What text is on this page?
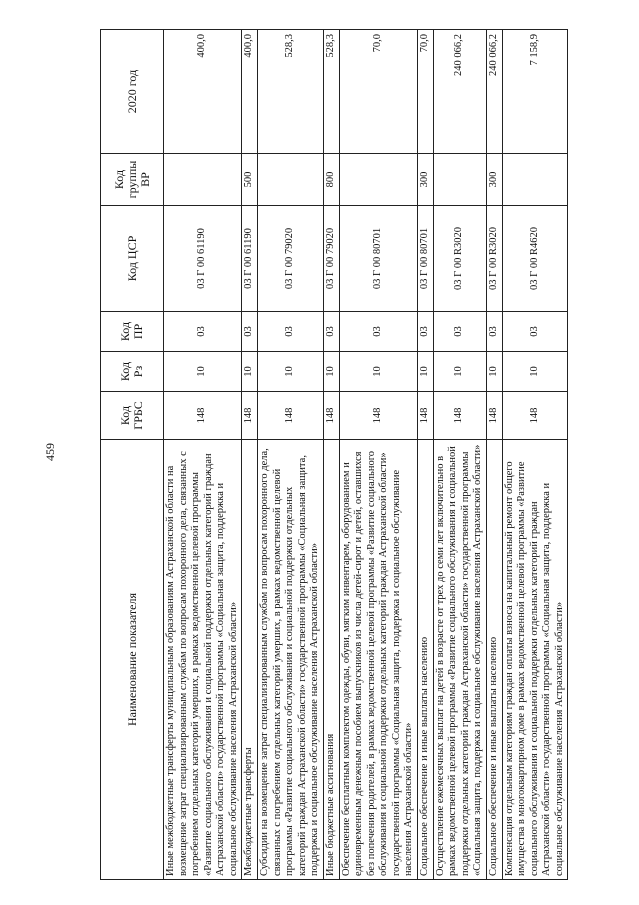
459
Наименование показателя	Код ГРБС	Код Рз	Код ПР	Код ЦСР	Код группы ВР	2020 год
Иные межбюджетные трансферты муниципальным образованиям Астраханской области на возмещение затрат специализированным службам по вопросам похоронного дела, связанных с погребением отдельных категорий умерших, в рамках ведомственной целевой программы «Развитие социального обслуживания и социальной поддержки отдельных категорий граждан Астраханской области» государственной программы «Социальная защита, поддержка и социальное обслуживание населения Астраханской области»	148	10	03	03 Г 00 61190		400,0
Межбюджетные трансферты	148	10	03	03 Г 00 61190	500	400,0
Субсидии на возмещение затрат специализированным службам по вопросам похоронного дела, связанных с погребением отдельных категорий умерших, в рамках ведомственной целевой программы «Развитие социального обслуживания и социальной поддержки отдельных категорий граждан Астраханской области» государственной программы «Социальная защита, поддержка и социальное обслуживание населения Астраханской области»	148	10	03	03 Г 00 79020		528,3
Иные бюджетные ассигнования	148	10	03	03 Г 00 79020	800	528,3
Обеспечение бесплатным комплектом одежды, обуви, мягким инвентарем, оборудованием и единовременным денежным пособием выпускников из числа детей-сирот и детей, оставшихся без попечения родителей, в рамках ведомственной целевой программы «Развитие социального обслуживания и социальной поддержки отдельных категорий граждан Астраханской области» государственной программы «Социальная защита, поддержка и социальное обслуживание населения Астраханской области»	148	10	03	03 Г 00 80701		70,0
Социальное обеспечение и иные выплаты населению	148	10	03	03 Г 00 80701	300	70,0
Осуществление ежемесячных выплат на детей в возрасте от трех до семи лет включительно в рамках ведомственной целевой программы «Развитие социального обслуживания и социальной поддержки отдельных категорий граждан Астраханской области» государственной программы «Социальная защита, поддержка и социальное обслуживание населения Астраханской области»	148	10	03	03 Г 00 R3020		240 066,2
Социальное обеспечение и иные выплаты населению	148	10	03	03 Г 00 R3020	300	240 066,2
Компенсация отдельным категориям граждан оплаты взноса на капитальный ремонт общего имущества в многоквартирном доме в рамках ведомственной целевой программы «Развитие социального обслуживания и социальной поддержки отдельных категорий граждан Астраханской области» государственной программы «Социальная защита, поддержка и социальное обслуживание населения Астраханской области»	148	10	03	03 Г 00 R4620		7 158,9
